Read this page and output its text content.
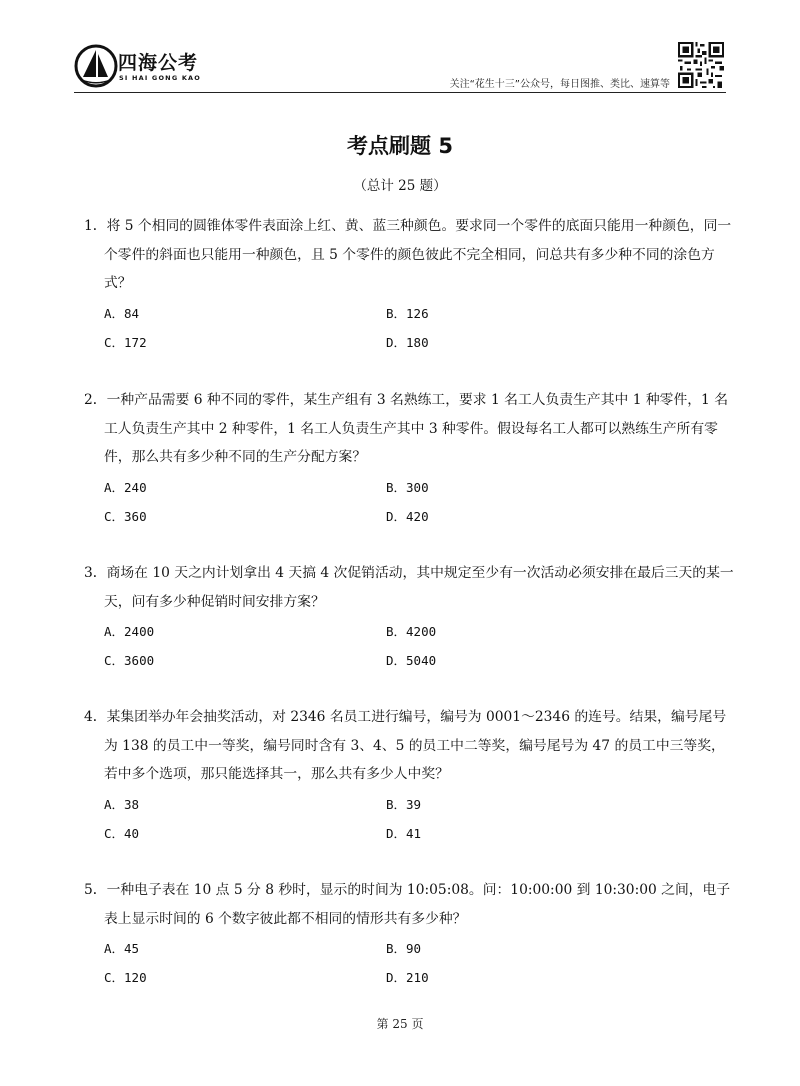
四海公考
SI HAI GONG KAO
关注“花生十三”公众号，每日图推、类比、速算等
考点刷题 5
（总计 25 题）

1．将 5 个相同的圆锥体零件表面涂上红、黄、蓝三种颜色。要求同一个零件的底面只能用一种颜色，同一个零件的斜面也只能用一种颜色，且 5 个零件的颜色彼此不完全相同，问总共有多少种不同的涂色方式？

A．84	B．126
C．172	D．180

2．一种产品需要 6 种不同的零件，某生产组有 3 名熟练工，要求 1 名工人负责生产其中 1 种零件，1 名工人负责生产其中 2 种零件，1 名工人负责生产其中 3 种零件。假设每名工人都可以熟练生产所有零件，那么共有多少种不同的生产分配方案？

A．240	B．300
C．360	D．420

3．商场在 10 天之内计划拿出 4 天搞 4 次促销活动，其中规定至少有一次活动必须安排在最后三天的某一天，问有多少种促销时间安排方案？

A．2400	B．4200
C．3600	D．5040

4．某集团举办年会抽奖活动，对 2346 名员工进行编号，编号为 0001～2346 的连号。结果，编号尾号为 138 的员工中一等奖，编号同时含有 3、4、5 的员工中二等奖，编号尾号为 47 的员工中三等奖，若中多个选项，那只能选择其一，那么共有多少人中奖？

A．38	B．39
C．40	D．41

5．一种电子表在 10 点 5 分 8 秒时，显示的时间为 10:05:08。问：10:00:00 到 10:30:00 之间，电子表上显示时间的 6 个数字彼此都不相同的情形共有多少种？

A．45	B．90
C．120	D．210
第 25 页
